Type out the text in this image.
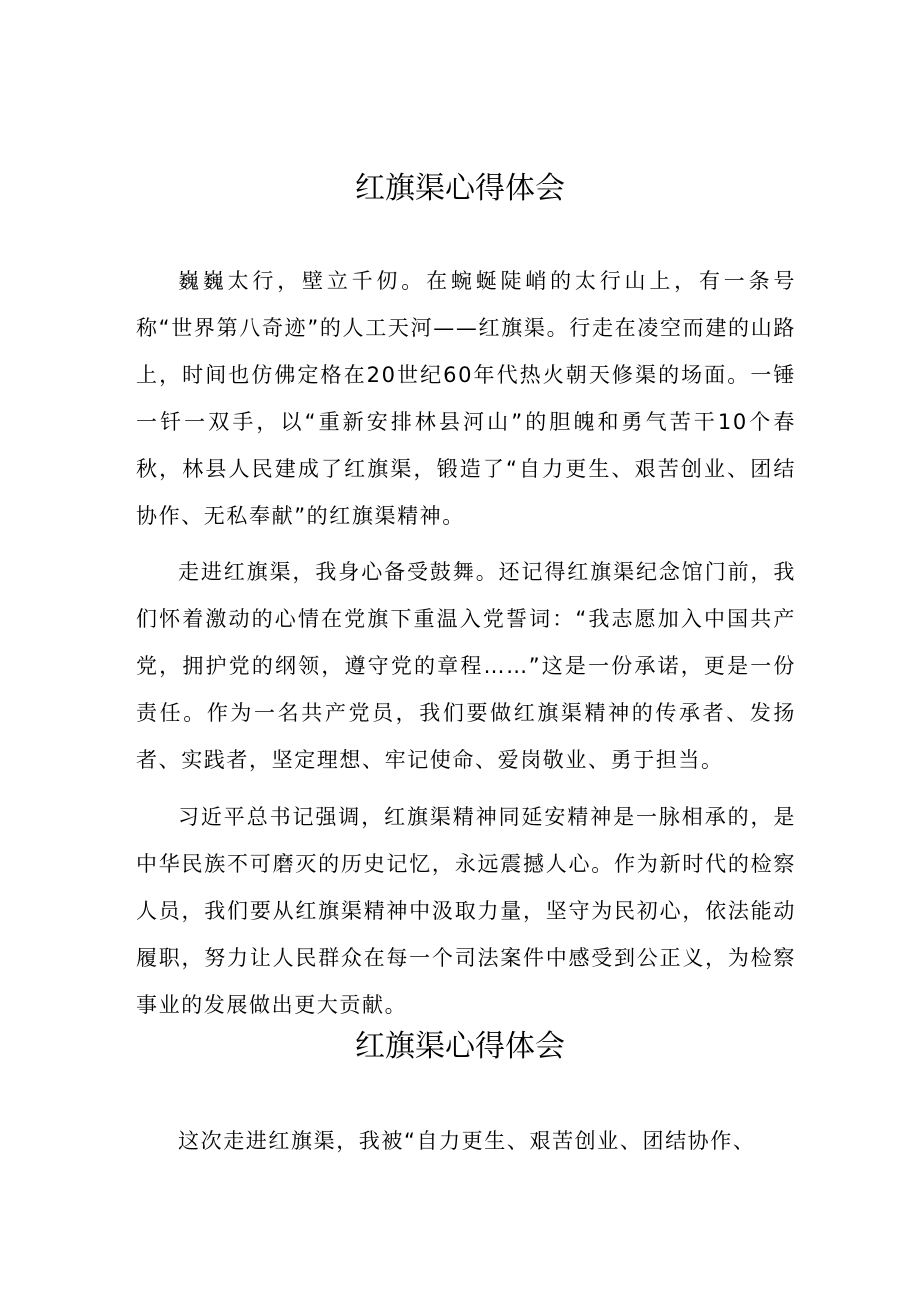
红旗渠心得体会

巍巍太行，壁立千仞。在蜿蜒陡峭的太行山上，有一条号称“世界第八奇迹”的人工天河——红旗渠。行走在凌空而建的山路上，时间也仿佛定格在20世纪60年代热火朝天修渠的场面。一锤一钎一双手，以“重新安排林县河山”的胆魄和勇气苦干10个春秋，林县人民建成了红旗渠，锻造了“自力更生、艰苦创业、团结协作、无私奉献”的红旗渠精神。

走进红旗渠，我身心备受鼓舞。还记得红旗渠纪念馆门前，我们怀着激动的心情在党旗下重温入党誓词：“我志愿加入中国共产党，拥护党的纲领，遵守党的章程……”这是一份承诺，更是一份责任。作为一名共产党员，我们要做红旗渠精神的传承者、发扬者、实践者，坚定理想、牢记使命、爱岗敬业、勇于担当。

习近平总书记强调，红旗渠精神同延安精神是一脉相承的，是中华民族不可磨灭的历史记忆，永远震撼人心。作为新时代的检察人员，我们要从红旗渠精神中汲取力量，坚守为民初心，依法能动履职，努力让人民群众在每一个司法案件中感受到公正义，为检察事业的发展做出更大贡献。

红旗渠心得体会

这次走进红旗渠，我被“自力更生、艰苦创业、团结协作、
